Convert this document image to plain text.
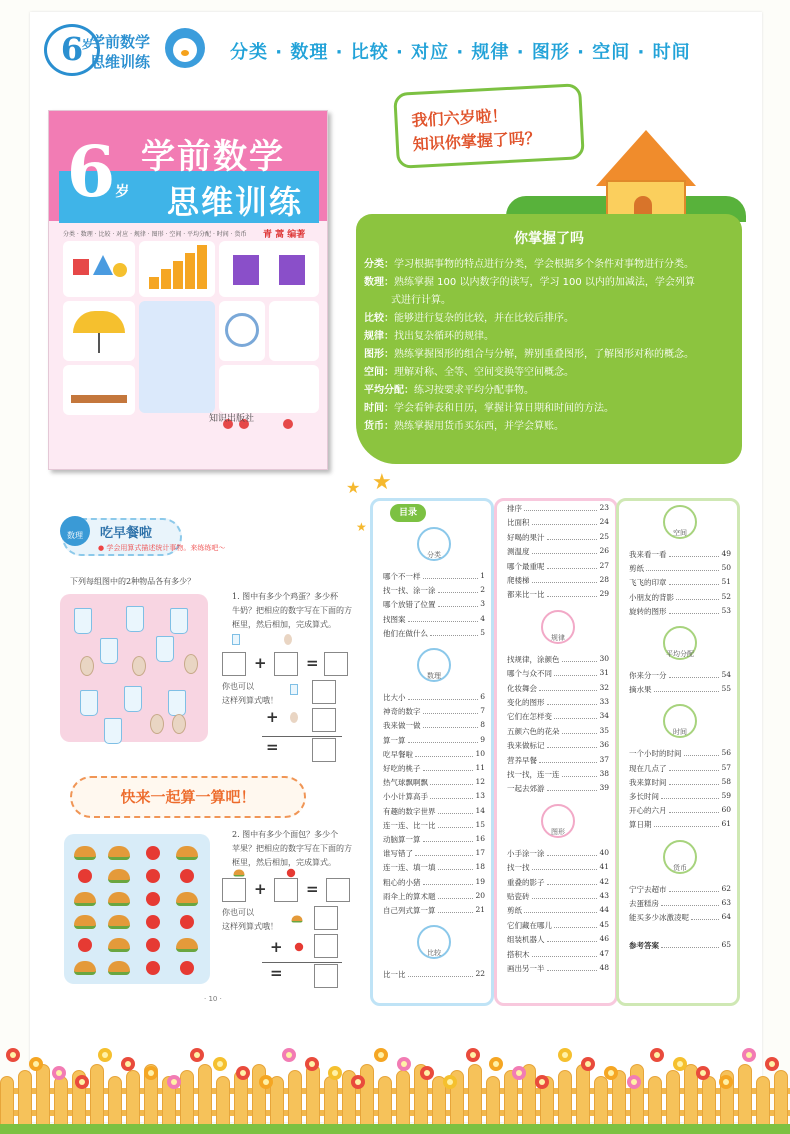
6
岁
学前数学
思维训练	分类 · 数理 · 比较 · 对应 · 规律 · 图形 · 空间 · 时间
6岁
学前数学
思维训练
分类 · 数理 · 比较 · 对应 · 规律 · 图形 · 空间 · 平均分配 · 时间 · 货币 青 蒿 编著
知识出版社
我们六岁啦！
知识你掌握了吗？
你掌握了吗
分类： 学习根据事物的特点进行分类，学会根据多个条件对事物进行分类。
数理： 熟练掌握 100 以内数字的读写，学习 100 以内的加减法，学会列算
式进行计算。
比较： 能够进行复杂的比较，并在比较后排序。
规律： 找出复杂循环的规律。
图形： 熟练掌握图形的组合与分解，辨别重叠图形，了解图形对称的概念。
空间： 理解对称、全等、空间变换等空间概念。
平均分配： 练习按要求平均分配事物。
时间： 学会看钟表和日历，掌握计算日期和时间的方法。
货币： 熟练掌握用货币买东西，并学会算账。
数理	吃早餐啦
● 学会用算式描述统计事物。来练练吧～
下列每组图中的2种物品各有多少？
1. 图中有多少个鸡蛋？多少杯
牛奶？把相应的数字写在下面的方
框里，然后相加，完成算式。
+	=
你也可以
这样列算式哦！
+
=
快来一起算一算吧！
2. 图中有多少个面包？多少个
苹果？把相应的数字写在下面的方
框里，然后相加，完成算式。
+	=
你也可以
这样列算式哦！
+
=
· 10 ·
★ ★
★
分类
哪个不一样	1
找一找、涂一涂	2
哪个放错了位置	3
找图案	4
他们在做什么	5
数理
比大小	6
神奇的数字	7
我来做一做	8
算一算	9
吃早餐啦	10
好吃的桃子	11
热气球飘啊飘	12
小小计算高手	13
有趣的数字世界	14
连一连、比一比	15
动脑算一算	16
谁写错了	17
连一连、填一填	18
粗心的小猪	19
雨伞上的算术题	20
自己列式算一算	21
比较
比一比	22
目录	排序	23
比面积	24
好喝的果汁	25
测温度	26
哪个最重呢	27
爬楼梯	28
都来比一比	29
规律
找规律，涂颜色	30
哪个与众不同	31
化妆舞会	32
变化的图形	33
它们在怎样变	34
五颜六色的花朵	35
我来做标记	36
营养早餐	37
找一找，连一连	38
一起去郊游	39
图形
小手涂一涂	40
找一找	41
重叠的影子	42
贴瓷砖	43
剪纸	44
它们藏在哪儿	45
组装机器人	46
搭积木	47
画出另一半	48
空间
我来看一看	49
剪纸	50
飞飞的印章	51
小朋友的背影	52
旋转的图形	53
平均分配
你来分一分	54
摘水果	55
时间
一个小时的时间	56
现在几点了	57
我来算时间	58
多长时间	59
开心的六月	60
算日期	61
货币
宁宁去超市	62
去蛋糕房	63
能买多少冰激凌呢	64
参考答案	65
